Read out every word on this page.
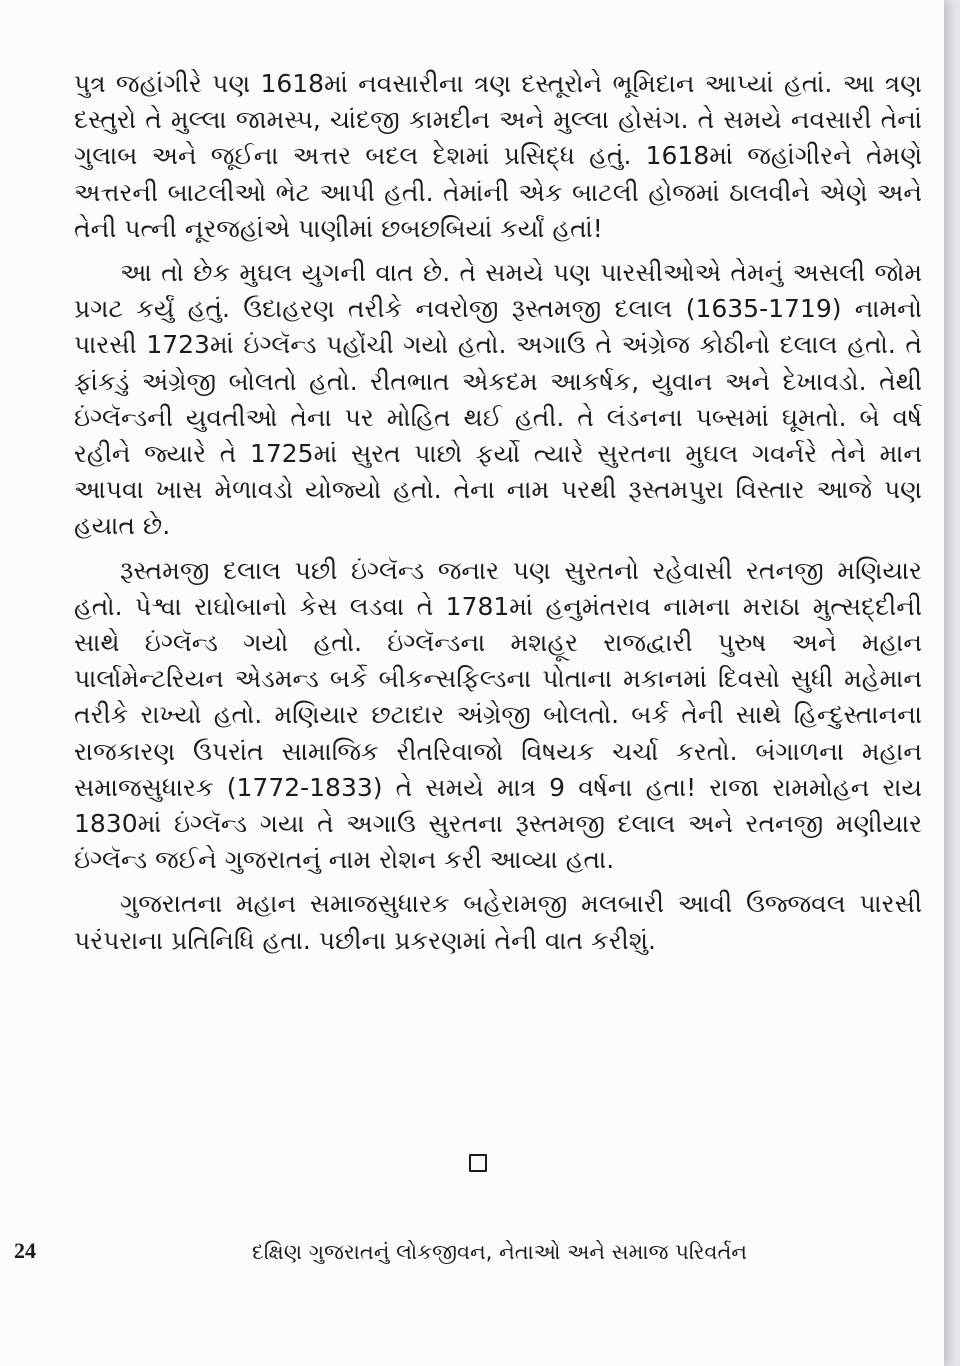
પુત્ર જહાંગીરે પણ 1618માં નવસારીના ત્રણ દસ્તૂરોને ભૂમિદાન આપ્યાં હતાં. આ ત્રણ દસ્તુરો તે મુલ્લા જામસ્પ, ચાંદજી કામદીન અને મુલ્લા હોસંગ. તે સમયે નવસારી તેનાં ગુલાબ અને જૂઈના અત્તર બદલ દેશમાં પ્રસિદ્ધ હતું. 1618માં જહાંગીરને તેમણે અત્તરની બાટલીઓ ભેટ આપી હતી. તેમાંની એક બાટલી હોજમાં ઠાલવીને એણે અને તેની પત્ની નૂરજહાંએ પાણીમાં છબછબિયાં કર્યાં હતાં!

આ તો છેક મુઘલ યુગની વાત છે. તે સમયે પણ પારસીઓએ તેમનું અસલી જોમ પ્રગટ કર્યું હતું. ઉદાહરણ તરીકે નવરોજી રૂસ્તમજી દલાલ (1635-1719) નામનો પારસી 1723માં ઇંગ્લૅન્ડ પહોંચી ગયો હતો. અગાઉ તે અંગ્રેજ કોઠીનો દલાલ હતો. તે ફાંકડું અંગ્રેજી બોલતો હતો. રીતભાત એકદમ આકર્ષક, યુવાન અને દેખાવડો. તેથી ઇંગ્લૅન્ડની યુવતીઓ તેના પર મોહિત થઈ હતી. તે લંડનના પબ્સમાં ઘૂમતો. બે વર્ષ રહીને જ્યારે તે 1725માં સુરત પાછો ફર્યો ત્યારે સુરતના મુઘલ ગવર્નરે તેને માન આપવા ખાસ મેળાવડો યોજ્યો હતો. તેના નામ પરથી રૂસ્તમપુરા વિસ્તાર આજે પણ હયાત છે.

રૂસ્તમજી દલાલ પછી ઇંગ્લૅન્ડ જનાર પણ સુરતનો રહેવાસી રતનજી મણિયાર હતો. પેશ્વા રાઘોબાનો કેસ લડવા તે 1781માં હનુમંતરાવ નામના મરાઠા મુત્સદ્દીની સાથે ઇંગ્લૅન્ડ ગયો હતો. ઇંગ્લૅન્ડના મશહૂર રાજદ્વારી પુરુષ અને મહાન પાર્લામેન્ટરિયન એડમન્ડ બર્કે બીકન્સફિલ્ડના પોતાના મકાનમાં દિવસો સુધી મહેમાન તરીકે રાખ્યો હતો. મણિયાર છટાદાર અંગ્રેજી બોલતો. બર્ક તેની સાથે હિન્દુસ્તાનના રાજકારણ ઉપરાંત સામાજિક રીતરિવાજો વિષયક ચર્ચા કરતો. બંગાળના મહાન સમાજસુધારક (1772-1833) તે સમયે માત્ર 9 વર્ષના હતા! રાજા રામમોહન રાય 1830માં ઇંગ્લૅન્ડ ગયા તે અગાઉ સુરતના રૂસ્તમજી દલાલ અને રતનજી મણીયાર ઇંગ્લૅન્ડ જઈને ગુજરાતનું નામ રોશન કરી આવ્યા હતા.

ગુજરાતના મહાન સમાજસુધારક બહેરામજી મલબારી આવી ઉજ્જવલ પારસી પરંપરાના પ્રતિનિધિ હતા. પછીના પ્રકરણમાં તેની વાત કરીશું.

24	દક્ષિણ ગુજરાતનું લોકજીવન, નેતાઓ અને સમાજ પરિવર્તન
